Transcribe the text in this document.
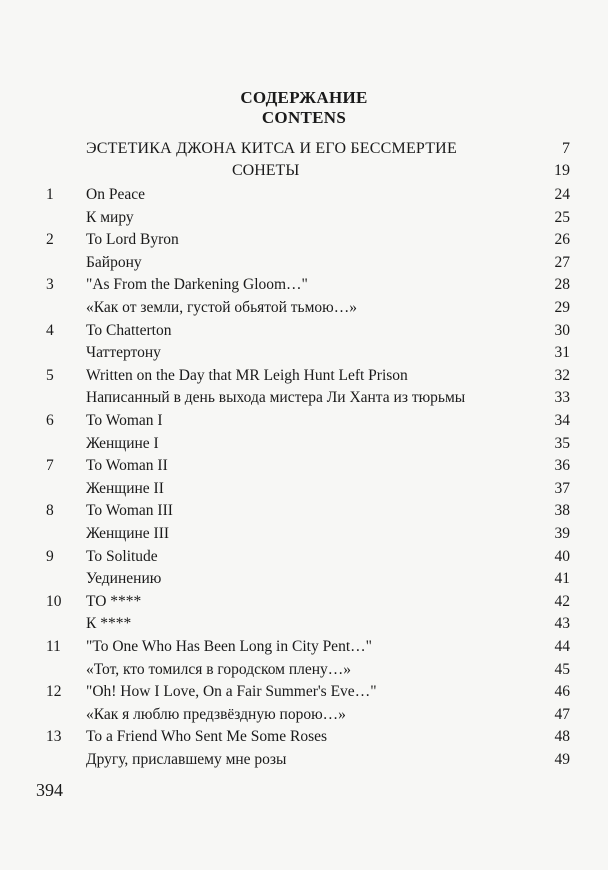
СОДЕРЖАНИЕ
CONTENS
ЭСТЕТИКА ДЖОНА КИТСА И ЕГО БЕССМЕРТИЕ	7
СОНЕТЫ	19
1 On Peace	24
К миру	25
2 To Lord Byron	26
Байрону	27
3 "As From the Darkening Gloom…"	28
«Как от земли, густой обьятой тьмою…»	29
4 To Chatterton	30
Чаттертону	31
5 Written on the Day that MR Leigh Hunt Left Prison	32
Написанный в день выхода мистера Ли Ханта из тюрьмы	33
6 To Woman I	34
Женщине I	35
7 To Woman II	36
Женщине II	37
8 To Woman III	38
Женщине III	39
9 To Solitude	40
Уединению	41
10 TO ****	42
К ****	43
11 "To One Who Has Been Long in City Pent…"	44
«Тот, кто томился в городском плену…»	45
12 "Oh! How I Love, On a Fair Summer's Eve…"	46
«Как я люблю предзвёздную порою…»	47
13 To a Friend Who Sent Me Some Roses	48
Другу, приславшему мне розы	49
394
